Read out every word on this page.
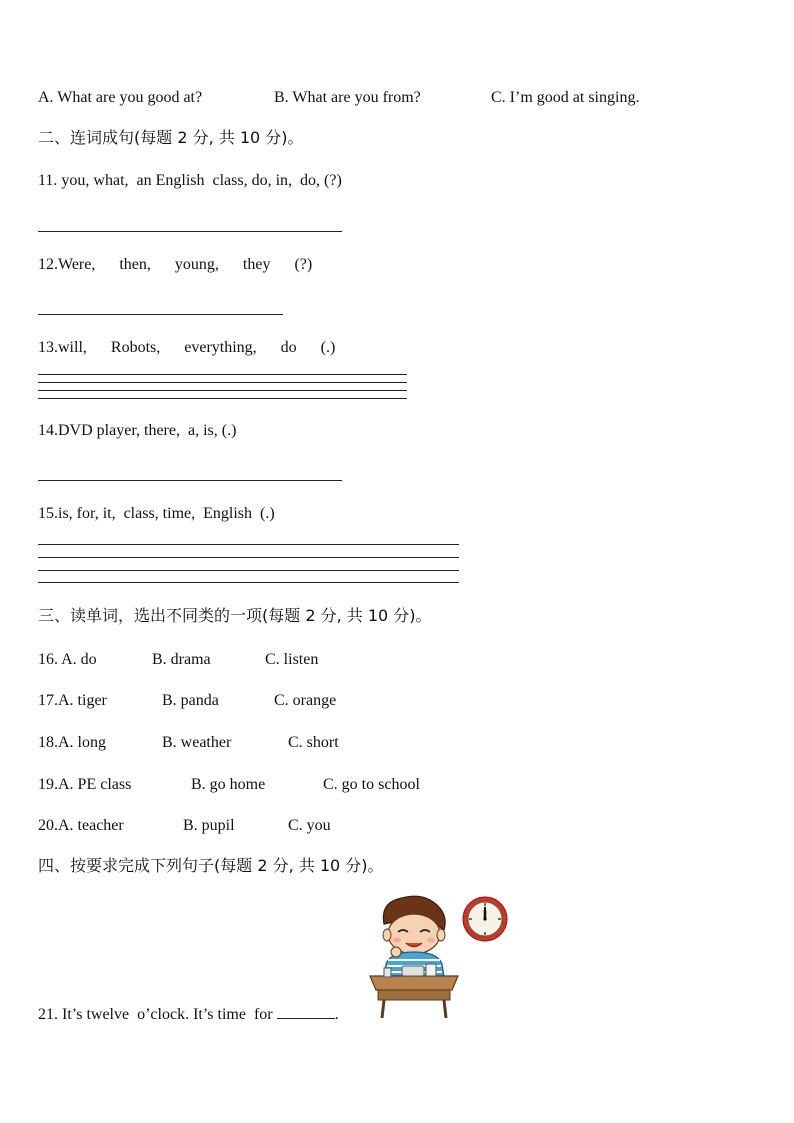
A. What are you good at?	B. What are you from?	C. I’m good at singing.
二、连词成句(每题 2 分, 共 10 分)。
11. you, what,  an English  class, do, in,  do, (?)
12.Were,      then,      young,      they      (?)
13.will,      Robots,      everything,      do      (.)
14.DVD player, there,  a, is, (.)
15.is, for, it,  class, time,  English  (.)
三、读单词，选出不同类的一项(每题 2 分, 共 10 分)。
16. A. do	B. drama	C. listen
17.A. tiger	B. panda	C. orange
18.A. long	B. weather	C. short
19.A. PE class	B. go home	C. go to school
20.A. teacher	B. pupil	C. you
四、按要求完成下列句子(每题 2 分, 共 10 分)。
21. It’s twelve  o’clock. It’s time  for	.
